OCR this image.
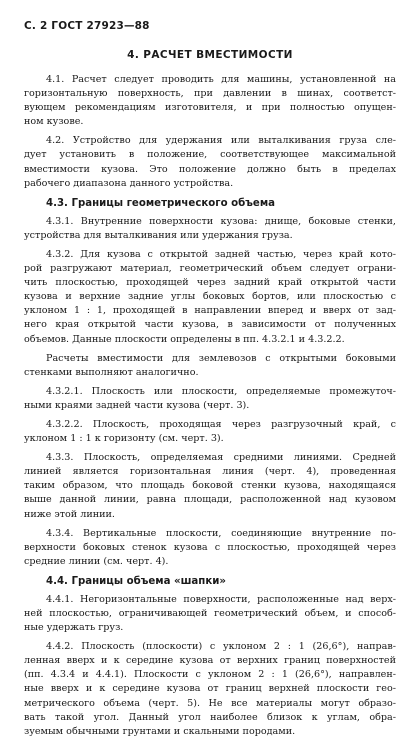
С. 2 ГОСТ 27923—88
4. РАСЧЕТ ВМЕСТИМОСТИ
4.1. Расчет следует проводить для машины, установленной на
горизонтальную поверхность, при давлении в шинах, соответст-
вующем рекомендациям изготовителя, и при полностью опущен-
ном кузове.
4.2. Устройство для удержания или выталкивания груза сле-
дует установить в положение, соответствующее максимальной
вместимости кузова. Это положение должно быть в пределах
рабочего диапазона данного устройства.
4.3. Границы геометрического объема
4.3.1. Внутренние поверхности кузова: днище, боковые стенки,
устройства для выталкивания или удержания груза.
4.3.2. Для кузова с открытой задней частью, через край кото-
рой разгружают материал, геометрический объем следует ограни-
чить плоскостью, проходящей через задний край открытой части
кузова и верхние задние углы боковых бортов, или плоскостью с
уклоном 1 : 1, проходящей в направлении вперед и вверх от зад-
него края открытой части кузова, в зависимости от полученных
объемов. Данные плоскости определены в пп. 4.3.2.1 и 4.3.2.2.
Расчеты вместимости для землевозов с открытыми боковыми
стенками выполняют аналогично.
4.3.2.1. Плоскость или плоскости, определяемые промежуточ-
ными краями задней части кузова (черт. 3).
4.3.2.2. Плоскость, проходящая через разгрузочный край, с
уклоном 1 : 1 к горизонту (см. черт. 3).
4.3.3. Плоскость, определяемая средними линиями. Средней
линией является горизонтальная линия (черт. 4), проведенная
таким образом, что площадь боковой стенки кузова, находящаяся
выше данной линии, равна площади, расположенной над кузовом
ниже этой линии.
4.3.4. Вертикальные плоскости, соединяющие внутренние по-
верхности боковых стенок кузова с плоскостью, проходящей через
средние линии (см. черт. 4).
4.4. Границы объема «шапки»
4.4.1. Негоризонтальные поверхности, расположенные над верх-
ней плоскостью, ограничивающей геометрический объем, и способ-
ные удержать груз.
4.4.2. Плоскость (плоскости) с уклоном 2 : 1 (26,6°), направ-
ленная вверх и к середине кузова от верхних границ поверхностей
(пп. 4.3.4 и 4.4.1). Плоскости с уклоном 2 : 1 (26,6°), направлен-
ные вверх и к середине кузова от границ верхней плоскости гео-
метрического объема (черт. 5). Не все материалы могут образо-
вать такой угол. Данный угол наиболее близок к углам, обра-
зуемым обычными грунтами и скальными породами.
